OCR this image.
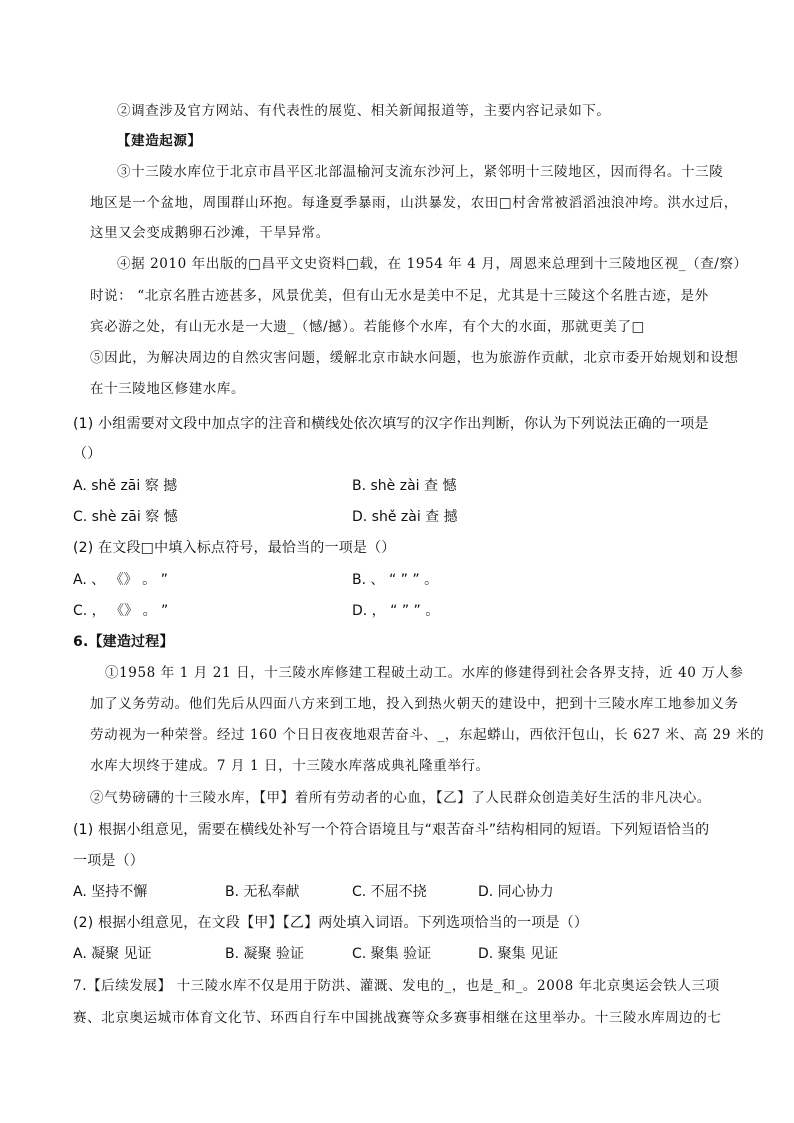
②调查涉及官方网站、有代表性的展览、相关新闻报道等，主要内容记录如下。
【建造起源】
③十三陵水库位于北京市昌平区北部温榆河支流东沙河上，紧邻明十三陵地区，因而得名。十三陵
地区是一个盆地，周围群山环抱。每逢夏季暴雨，山洪暴发，农田□村舍常被滔滔浊浪冲垮。洪水过后，
这里又会变成鹅卵石沙滩，干旱异常。
④据 2010 年出版的□昌平文史资料□载，在 1954 年 4 月，周恩来总理到十三陵地区视_（查/察）
时说： “北京名胜古迹甚多，风景优美，但有山无水是美中不足，尤其是十三陵这个名胜古迹，是外
宾必游之处，有山无水是一大遗_（憾/撼）。若能修个水库，有个大的水面，那就更美了□
⑤因此，为解决周边的自然灾害问题，缓解北京市缺水问题，也为旅游作贡献，北京市委开始规划和设想
在十三陵地区修建水库。
(1) 小组需要对文段中加点字的注音和横线处依次填写的汉字作出判断，你认为下列说法正确的一项是
（）
A. shě zāi 察 撼	B. shè zài 查 憾
C. shè zāi 察 憾	D. shě zài 查 撼
(2) 在文段□中填入标点符号，最恰当的一项是（）
A. 、 《》 。 ”	B. 、 “ ” ” 。
C. ， 《》 。 ”	D. ， “ ” ” 。
6.【建造过程】
①1958 年 1 月 21 日，十三陵水库修建工程破土动工。水库的修建得到社会各界支持，近 40 万人参
加了义务劳动。他们先后从四面八方来到工地，投入到热火朝天的建设中，把到十三陵水库工地参加义务
劳动视为一种荣誉。经过 160 个日日夜夜地艰苦奋斗、_，东起蟒山，西依汗包山，长 627 米、高 29 米的
水库大坝终于建成。7 月 1 日，十三陵水库落成典礼隆重举行。
②气势磅礴的十三陵水库，【甲】着所有劳动者的心血，【乙】了人民群众创造美好生活的非凡决心。
(1) 根据小组意见，需要在横线处补写一个符合语境且与“艰苦奋斗”结构相同的短语。下列短语恰当的
一项是（）
A. 坚持不懈	B. 无私奉献	C. 不屈不挠	D. 同心协力
(2) 根据小组意见，在文段【甲】【乙】两处填入词语。下列选项恰当的一项是（）
A. 凝聚 见证	B. 凝聚 验证	C. 聚集 验证	D. 聚集 见证
7.【后续发展】 十三陵水库不仅是用于防洪、灌溉、发电的_，也是_和_。2008 年北京奥运会铁人三项
赛、北京奥运城市体育文化节、环西自行车中国挑战赛等众多赛事相继在这里举办。十三陵水库周边的七
